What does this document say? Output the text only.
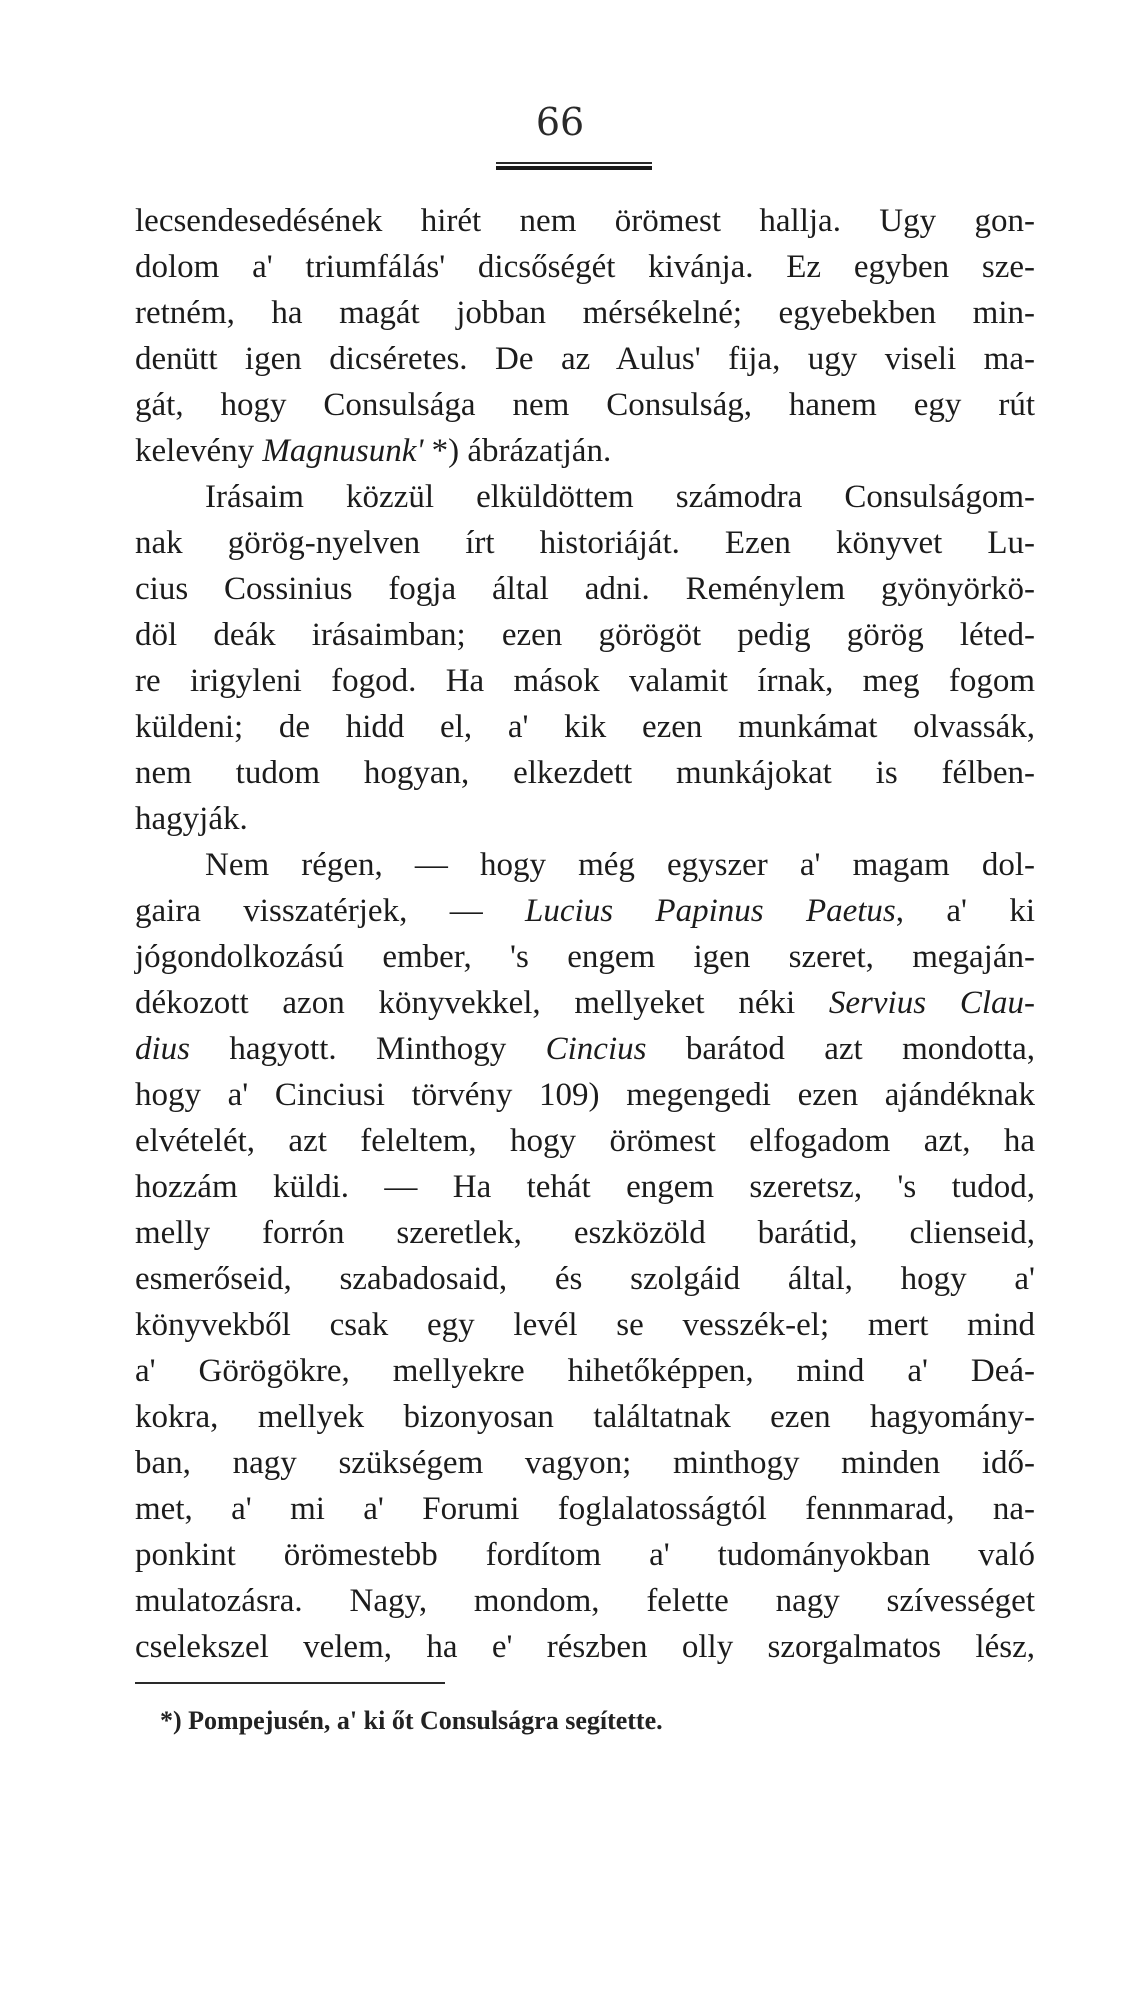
66

lecsendesedésének hirét nem örömest hallja. Ugy gon-
dolom a' triumfálás' dicsőségét kivánja. Ez egyben sze-
retném, ha magát jobban mérsékelné; egyebekben min-
denütt igen dicséretes. De az Aulus' fija, ugy viseli ma-
gát, hogy Consulsága nem Consulság, hanem egy rút
kelevény Magnusunk' *) ábrázatján.

Irásaim közzül elküldöttem számodra Consulságom-
nak görög-nyelven írt historiáját. Ezen könyvet Lu-
cius Cossinius fogja által adni. Reménylem gyönyörkö-
döl deák irásaimban; ezen görögöt pedig görög léted-
re irigyleni fogod. Ha mások valamit írnak, meg fogom
küldeni; de hidd el, a' kik ezen munkámat olvassák,
nem tudom hogyan, elkezdett munkájokat is félben-
hagyják.

Nem régen, — hogy még egyszer a' magam dol-
gaira visszatérjek, — Lucius Papinus Paetus, a' ki
jógondolkozású ember, 's engem igen szeret, megaján-
dékozott azon könyvekkel, mellyeket néki Servius Clau-
dius hagyott. Minthogy Cincius barátod azt mondotta,
hogy a' Cinciusi törvény 109) megengedi ezen ajándéknak
elvételét, azt feleltem, hogy örömest elfogadom azt, ha
hozzám küldi. — Ha tehát engem szeretsz, 's tudod,
melly forrón szeretlek, eszközöld barátid, clienseid,
esmerőseid, szabadosaid, és szolgáid által, hogy a'
könyvekből csak egy levél se vesszék-el; mert mind
a' Görögökre, mellyekre hihetőképpen, mind a' Deá-
kokra, mellyek bizonyosan találtatnak ezen hagyomány-
ban, nagy szükségem vagyon; minthogy minden idő-
met, a' mi a' Forumi foglalatosságtól fennmarad, na-
ponkint örömestebb fordítom a' tudományokban való
mulatozásra. Nagy, mondom, felette nagy szívességet
cselekszel velem, ha e' részben olly szorgalmatos lész,

*) Pompejusén, a' ki őt Consulságra segítette.
